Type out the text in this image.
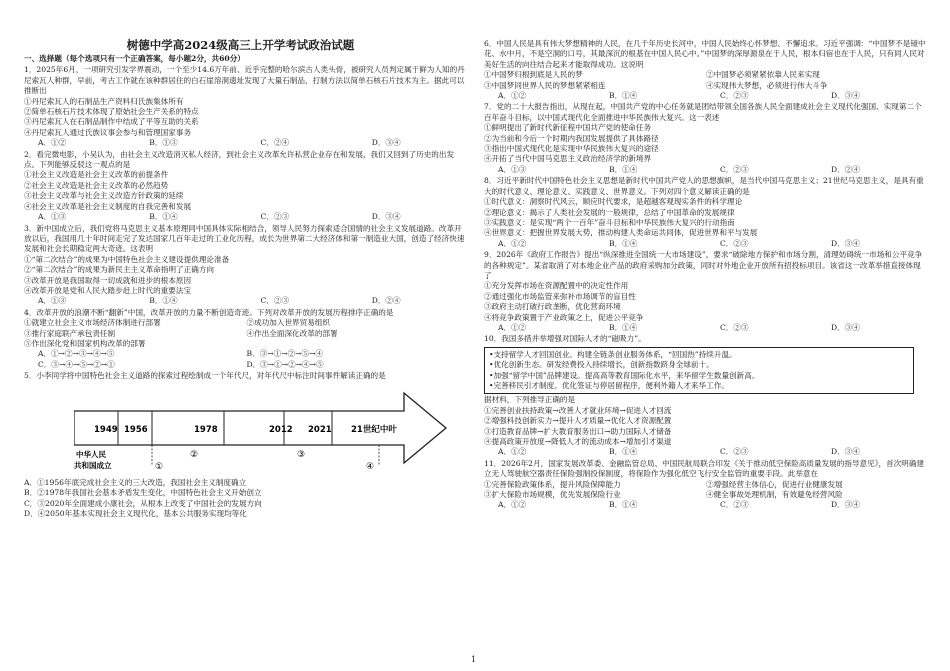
树德中学高2024级高三上开学考试政治试题
一、选择题（每个选项只有一个正确答案，每小题2分，共60分）

1．2025年6月，一项研究引发学界震动，一个至少14.6万年前、近乎完整的哈尔滨古人类头骨，被研究人员判定属于鲜为人知的丹尼索瓦人种群，早前，考古工作就在该种群居住的白石崖溶洞遗址发现了大量石制品，打制方法以简单石核石片技术为主。据此可以推断出

①丹尼索瓦人的石制品生产资料归氏族集体所有

②简单石核石片技术体现了原始社会生产关系的特点

③丹尼索瓦人在石制品制作中结成了平等互助的关系

④丹尼索瓦人通过氏族议事会参与和管理国家事务

A．①②	B．①③	C．②④	D．③④

2．看完微电影，小吴认为，由社会主义改造消灭私人经济，到社会主义改革允许私营企业存在和发展，我们又回到了历史的出发点。下列能够反驳这一观点的是

①社会主义改造是社会主义改革的前提条件

②社会主义改造是社会主义改革的必然趋势

③社会主义改革与社会主义改造方针政策的延续

④社会主义改革是社会主义制度的自我完善和发展

A．①③	B．①④	C．②③	D．③④

3．新中国成立后，我们党将马克思主义基本原理同中国具体实际相结合，领导人民努力探索适合国情的社会主义发展道路。改革开放以后，我国用几十年时间走完了发达国家几百年走过的工业化历程，成长为世界第二大经济体和第一制造业大国，创造了经济快速发展和社会长期稳定两大奇迹。这表明

①“第二次结合”的成果为中国特色社会主义建设提供理论准备

②“第二次结合”的成果为新民主主义革命指明了正确方向

③改革开放是我国取得一切成就和进步的根本原因

④改革开放是党和人民大踏步赶上时代的重要法宝

A．①③	B．①④	C．②③	D．②④

4．改革开放的浪潮不断“翻新”中国，改革开放的力量不断创造奇迹。下列对改革开放的发展历程排序正确的是

①就建立社会主义市场经济体制进行部署	②成功加入世界贸易组织
③推行家庭联产承包责任制	④作出全面深化改革的部署

⑤作出深化党和国家机构改革的部署

A．①→②→③→④→⑤	B．③→①→②→⑤→④
C．③→④→⑤→②→①	D．③→①→②→④→⑤

5．小李同学将中国特色社会主义道路的探索过程绘制成一个年代尺，对年代尺中标注时间事件解读正确的是

1949 1956	1978	2012 2021 21世纪中叶
中华人民
共和国成立	①
②	③
④

A．①1956年底完成社会主义的三大改造，我国社会主义制度确立

B．②1978年我国社会基本矛盾发生变化，中国特色社会主义开始创立

C．③2020年全面建成小康社会，从根本上改变了中国社会的发展方向

D．④2050年基本实现社会主义现代化，基本公共服务实现均等化

6．中国人民是具有伟大梦想精神的人民，在几千年历史长河中，中国人民始终心怀梦想、不懈追求。习近平强调：“中国梦不是镜中花、水中月，不是空洞的口号，其最深沉的根基在中国人民心中。”中国梦的深厚源泉在于人民，根本归宿也在于人民，只有同人民对美好生活的向往结合起来才能取得成功。这说明

①中国梦归根到底是人民的梦	②中国梦必须紧紧依靠人民来实现
③中国梦同世界人民的梦想紧紧相连	④实现伟大梦想，必须进行伟大斗争
A．①②	B．①④	C．②③	D．③④

7．党的二十大报告指出，从现在起，中国共产党的中心任务就是团结带领全国各族人民全面建成社会主义现代化强国、实现第二个百年奋斗目标，以中国式现代化全面推进中华民族伟大复兴。这一表述

①鲜明提出了新时代新征程中国共产党的使命任务

②为当前和今后一个时期内我国发展提供了具体路径

③指出中国式现代化是实现中华民族伟大复兴的途径

④开拓了当代中国马克思主义政治经济学的新境界

A．①③	B．①④	C．②③	D．②④

8．习近平新时代中国特色社会主义思想是新时代中国共产党人的思想旗帜，是当代中国马克思主义；21世纪马克思主义，是具有重大的时代意义、理论意义、实践意义、世界意义。下列对四个意义解读正确的是

①时代意义：洞察时代风云，顺应时代要求，是超越客观现实条件的科学理论

②理论意义：揭示了人类社会发展的一般规律，总结了中国革命的发展规律

③实践意义：是实现“两个一百年”奋斗目标和中华民族伟大复兴的行动指南

④世界意义：把握世界发展大势，推动构建人类命运共同体，促进世界和平与发展

A．①②	B．①④	C．②③	D．③④

9．2026年《政府工作报告》提出“纵深推进全国统一大市场建设”，要求“破除地方保护和市场分割，清理妨碍统一市场和公平竞争的各种规定”。某省取消了对本地企业产品的政府采购加分政策，同时对外地企业开放所有招投标项目。该省这一改革举措直接体现了

①充分发挥市场在资源配置中的决定性作用

②通过强化市场监管来弥补市场调节的盲目性

③政府主动打破行政垄断，优化营商环境

④将竞争政策置于产业政策之上，促进公平竞争

A．①②	B．①④	C．②③	D．③④

10．我国多措并举增强对国际人才的“磁吸力”。

•支持留学人才回国创业。构建全链条创业服务体系，“回国热”持续升温。
•优化创新生态。研发经费投入持续增长，创新指数跻身全球前十。
•加强“留学中国”品牌建设。提高高等教育国际化水平，来华留学生数量创新高。
•完善移民引才制度。优化签证与停居留程序，便利外籍人才来华工作。

据材料，下列推导正确的是

①完善创业扶持政策→改善人才就业环境→促进人才回流

②增强科技创新实力→提升人才质量→优化人才资源配置

③打造教育品牌→扩大教育服务出口→助力国际人才储备

④提高政策开放度→降低人才的流动成本→增加引才渠道

A．①②	B．①④	C．②③	D．③④

11．2026年2月，国家发展改革委、金融监管总局、中国民航局联合印发《关于推动低空保险高质量发展的指导意见》，首次明确建立无人驾驶航空器责任保险强制投保制度，将保险作为强化低空飞行安全监管的重要手段。此举意在

①完善保险政策体系，提升风险保障能力	②增强经营主体信心，促进行业健康发展
③扩大保险市场规模，优先发展保险行业	④健全事故处理机制，有效避免经营风险
A．①②	B．①④	C．②③	D．③④
1
